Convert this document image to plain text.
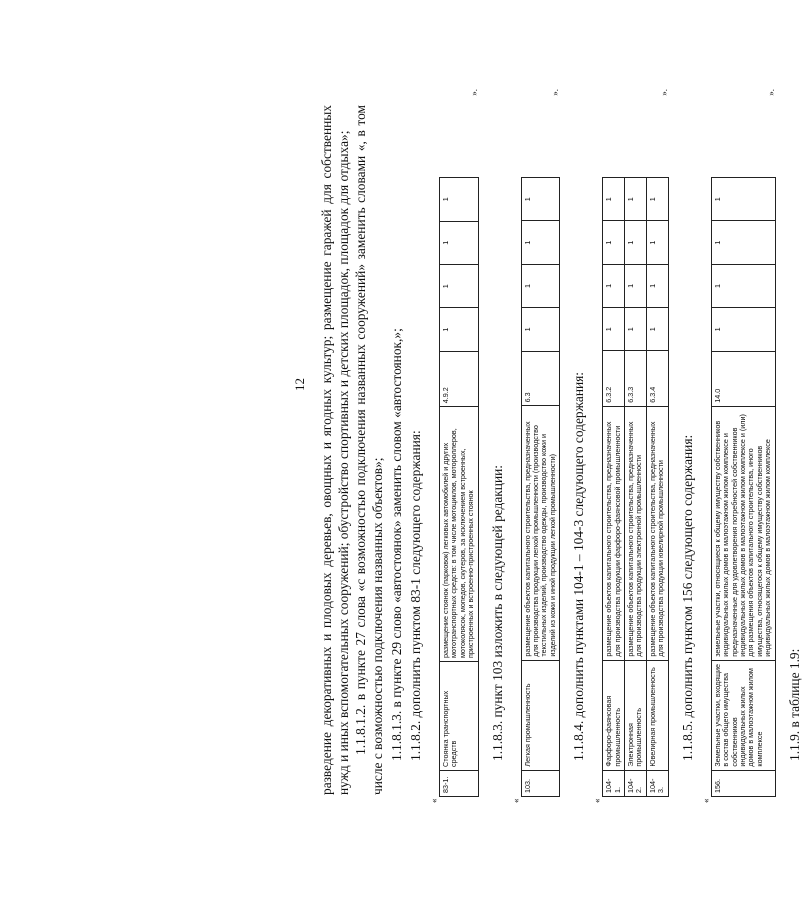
12 разведение декоративных и плодовых деревьев, овощных и ягодных культур; размещение гаражей для собственных нужд и иных вспомогательных сооружений; обустройство спортивных и детских площадок, площадок для отдыха»; 1.1.8.1.2. в пункте 27 слова «с возможностью подключения названных сооружений» заменить словами «, в том числе с возможностью подключения названных объектов»; 1.1.8.1.3. в пункте 29 слово «автостоянок» заменить словом «автостоянок,»; 1.1.8.2. дополнить пунктом 83-1 следующего содержания:

«
83-1.	Стоянка транспортных средств	размещение стоянок (парковок) легковых автомобилей и других мототранспортных средств: в том числе мотоциклов, мотороллеров, мотоколясок, мопедов, скутеров, за исключением встроенных, пристроенных и встроенно-пристроенных стоянок	4.9.2	1	1	1	1
».

1.1.8.3. пункт 103 изложить в следующей редакции:

«
103.	Легкая промышленность	размещение объектов капитального строительства, предназначенных для производства продукции легкой промышленности (производство текстильных изделий, производство одежды, производство кожи и изделий из кожи и иной продукции легкой промышленности)	6.3	1	1	1	1
».

1.1.8.4. дополнить пунктами 104-1 – 104-3 следующего содержания:

«
104-1.	Фарфоро-фаянсовая промышленность	размещение объектов капитального строительства, предназначенных для производства продукции фарфоро-фаянсовой промышленности	6.3.2	1	1	1	1
104-2.	Электронная промышленность	размещение объектов капитального строительства, предназначенных для производства продукции электронной промышленности	6.3.3	1	1	1	1
104-3.	Ювелирная промышленность	размещение объектов капитального строительства, предназначенных для производства продукции ювелирной промышленности	6.3.4	1	1	1	1
».

1.1.8.5. дополнить пунктом 156 следующего содержания:

«
156.	Земельные участки, входящие в состав общего имущества собственников индивидуальных жилых домов в малоэтажном жилом комплексе	земельные участки, относящиеся к общему имуществу собственников индивидуальных жилых домов в малоэтажном жилом комплексе и предназначенные для удовлетворения потребностей собственников индивидуальных жилых домов в малоэтажном жилом комплексе и (или) для размещения объектов капитального строительства, иного имущества, относящегося к общему имуществу собственников индивидуальных жилых домов в малоэтажном жилом комплексе	14.0	1	1	1	1
».

1.1.9. в таблице 1.9:
